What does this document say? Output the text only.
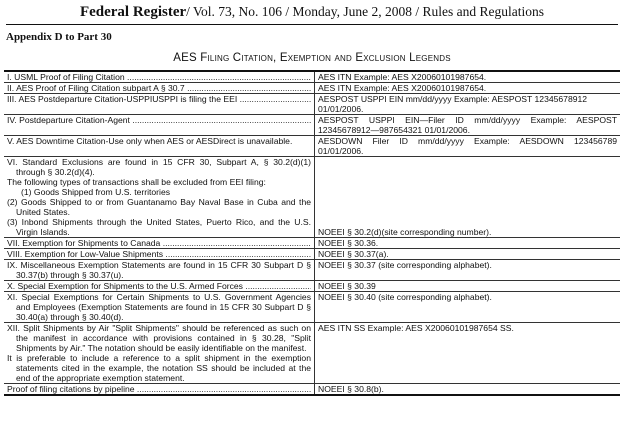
Federal Register/ Vol. 73, No. 106 / Monday, June 2, 2008 / Rules and Regulations
Appendix D to Part 30
AES Filing Citation, Exemption and Exclusion Legends
I. USML Proof of Filing Citation .....	AES ITN Example: AES X20060101987654.

II. AES Proof of Filing Citation subpart A § 30.7 .....	AES ITN Example: AES X20060101987654.

III. AES Postdeparture Citation-USPPIUSPPI is filing the EEI .....	AESPOST USPPI EIN mm/dd/yyyy Example: AESPOST 12345678912 01/01/2006.

IV. Postdeparture Citation-Agent .....	AESPOST USPPI EIN—Filer ID mm/dd/yyyy Example: AESPOST 12345678912—987654321 01/01/2006.

V. AES Downtime Citation-Use only when AES or AESDirect is unavailable.	AESDOWN Filer ID mm/dd/yyyy Example: AESDOWN 123456789 01/01/2006.

VI. Standard Exclusions are found in 15 CFR 30, Subpart A, § 30.2(d)(1) through § 30.2(d)(4).
The following types of transactions shall be excluded from EEI filing:
(1) Goods Shipped from U.S. territories
(2) Goods Shipped to or from Guantanamo Bay Naval Base in Cuba and the United States.
(3) Inbond Shipments through the United States, Puerto Rico, and the U.S. Virgin Islands.	NOEEI § 30.2(d)(site corresponding number).

VII. Exemption for Shipments to Canada .....	NOEEI § 30.36.

VIII. Exemption for Low-Value Shipments .....	NOEEI § 30.37(a).

IX. Miscellaneous Exemption Statements are found in 15 CFR 30 Subpart D § 30.37(b) through § 30.37(u).	NOEEI § 30.37 (site corresponding alphabet).

X. Special Exemption for Shipments to the U.S. Armed Forces .....	NOEEI § 30.39

XI. Special Exemptions for Certain Shipments to U.S. Government Agencies and Employees (Exemption Statements are found in 15 CFR 30 Subpart D § 30.40(a) through § 30.40(d).	NOEEI § 30.40 (site corresponding alphabet).

XII. Split Shipments by Air "Split Shipments" should be referenced as such on the manifest in accordance with provisions contained in § 30.28, "Split Shipments by Air." The notation should be easily identifiable on the manifest.
It is preferable to include a reference to a split shipment in the exemption statements cited in the example, the notation SS should be included at the end of the appropriate exemption statement.	AES ITN SS Example: AES X20060101987654 SS.

Proof of filing citations by pipeline .....	NOEEI § 30.8(b).
